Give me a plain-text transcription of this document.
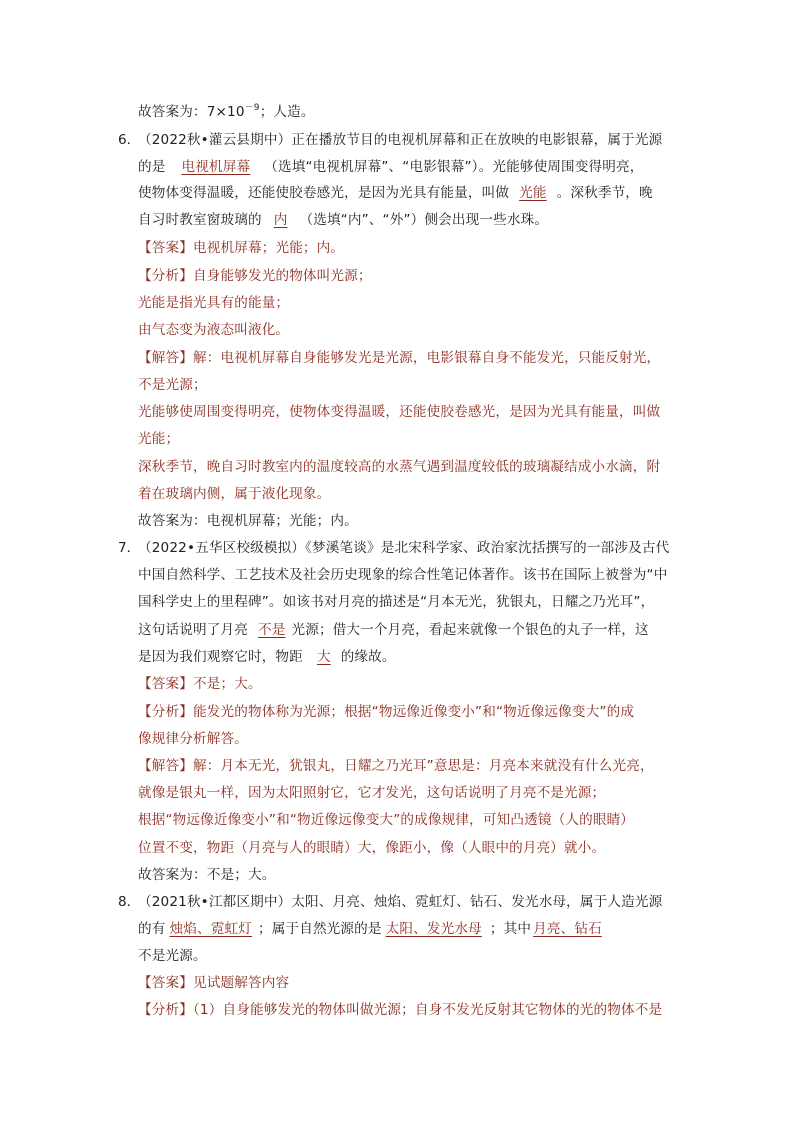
故答案为：$7\times 10^{-9}$；人造。
6．
（2022秋•灌云县期中）正在播放节目的电视机屏幕和正在放映的电影银幕，属于光源
的是 电视机屏幕 （选填“电视机屏幕”、“电影银幕”）。光能够使周围变得明亮，
使物体变得温暖，还能使胶卷感光，是因为光具有能量，叫做 光能 。深秋季节，晚
自习时教室窗玻璃的 内 （选填“内”、“外”）侧会出现一些水珠。
【答案】电视机屏幕；光能；内。
【分析】自身能够发光的物体叫光源；
光能是指光具有的能量；
由气态变为液态叫液化。
【解答】解：电视机屏幕自身能够发光是光源，电影银幕自身不能发光，只能反射光，
不是光源；
光能够使周围变得明亮，使物体变得温暖，还能使胶卷感光，是因为光具有能量，叫做
光能；
深秋季节，晚自习时教室内的温度较高的水蒸气遇到温度较低的玻璃凝结成小水滴，附
着在玻璃内侧，属于液化现象。
故答案为：电视机屏幕；光能；内。
7．
（2022•五华区校级模拟）《梦溪笔谈》是北宋科学家、政治家沈括撰写的一部涉及古代
中国自然科学、工艺技术及社会历史现象的综合性笔记体著作。该书在国际上被誉为“中
国科学史上的里程碑”。如该书对月亮的描述是“月本无光，犹银丸，日耀之乃光耳”，
这句话说明了月亮 不是 光源；借大一个月亮，看起来就像一个银色的丸子一样，这
是因为我们观察它时，物距 大 的缘故。
【答案】不是；大。
【分析】能发光的物体称为光源；根据“物远像近像变小”和“物近像远像变大”的成
像规律分析解答。
【解答】解：月本无光，犹银丸，日耀之乃光耳”意思是：月亮本来就没有什么光亮，
就像是银丸一样，因为太阳照射它，它才发光，这句话说明了月亮不是光源；
根据“物远像近像变小”和“物近像远像变大”的成像规律，可知凸透镜（人的眼睛）
位置不变，物距（月亮与人的眼睛）大，像距小，像（人眼中的月亮）就小。
故答案为：不是；大。
8．
（2021秋•江都区期中）太阳、月亮、烛焰、霓虹灯、钻石、发光水母，属于人造光源
的有 烛焰、霓虹灯 ；属于自然光源的是 太阳、发光水母 ；其中 月亮、钻石
不是光源。
【答案】见试题解答内容
【分析】（1）自身能够发光的物体叫做光源；自身不发光反射其它物体的光的物体不是
